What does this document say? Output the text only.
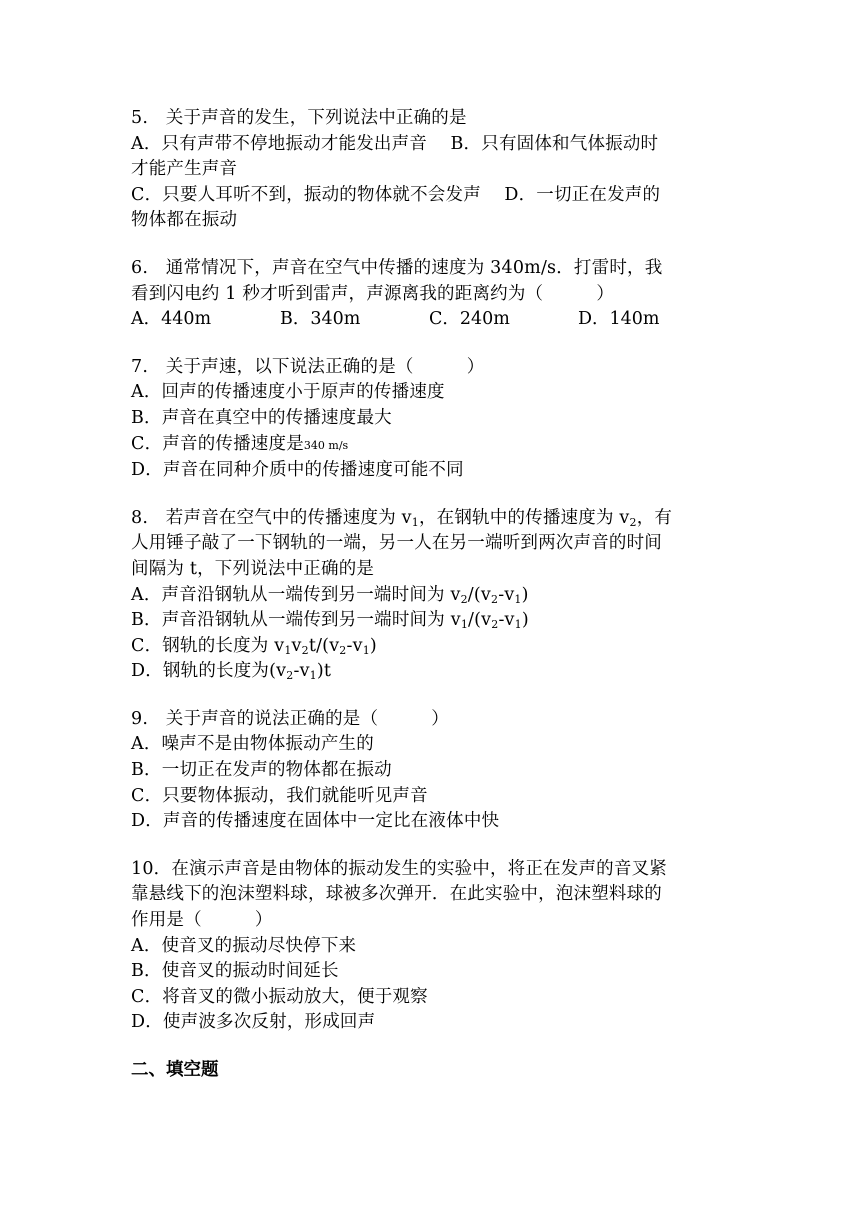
5.　关于声音的发生，下列说法中正确的是
A．只有声带不停地振动才能发出声音　 B．只有固体和气体振动时
才能产生声音
C．只要人耳听不到，振动的物体就不会发声　 D．一切正在发声的
物体都在振动
6.　通常情况下，声音在空气中传播的速度为 340m/s．打雷时，我
看到闪电约 1 秒才听到雷声，声源离我的距离约为（　　　）
A．440m	B．340m	C．240m	D．140m
7.　关于声速，以下说法正确的是（　　　）
A．回声的传播速度小于原声的传播速度
B．声音在真空中的传播速度最大
C．声音的传播速度是340 m/s
D．声音在同种介质中的传播速度可能不同
8.　若声音在空气中的传播速度为 $v_1$，在钢轨中的传播速度为 $v_2$，有
人用锤子敲了一下钢轨的一端，另一人在另一端听到两次声音的时间
间隔为 t，下列说法中正确的是
A．声音沿钢轨从一端传到另一端时间为 $v_2/(v_2-v_1)$
B．声音沿钢轨从一端传到另一端时间为 $v_1/(v_2-v_1)$
C．钢轨的长度为 $v_1v_2t/(v_2-v_1)$
D．钢轨的长度为$(v_2-v_1)t$
9.　关于声音的说法正确的是（　　　）
A．噪声不是由物体振动产生的
B．一切正在发声的物体都在振动
C．只要物体振动，我们就能听见声音
D．声音的传播速度在固体中一定比在液体中快
10．在演示声音是由物体的振动发生的实验中，将正在发声的音叉紧
靠悬线下的泡沫塑料球，球被多次弹开．在此实验中，泡沫塑料球的
作用是（　　　）
A．使音叉的振动尽快停下来
B．使音叉的振动时间延长
C．将音叉的微小振动放大，便于观察
D．使声波多次反射，形成回声
二、填空题
